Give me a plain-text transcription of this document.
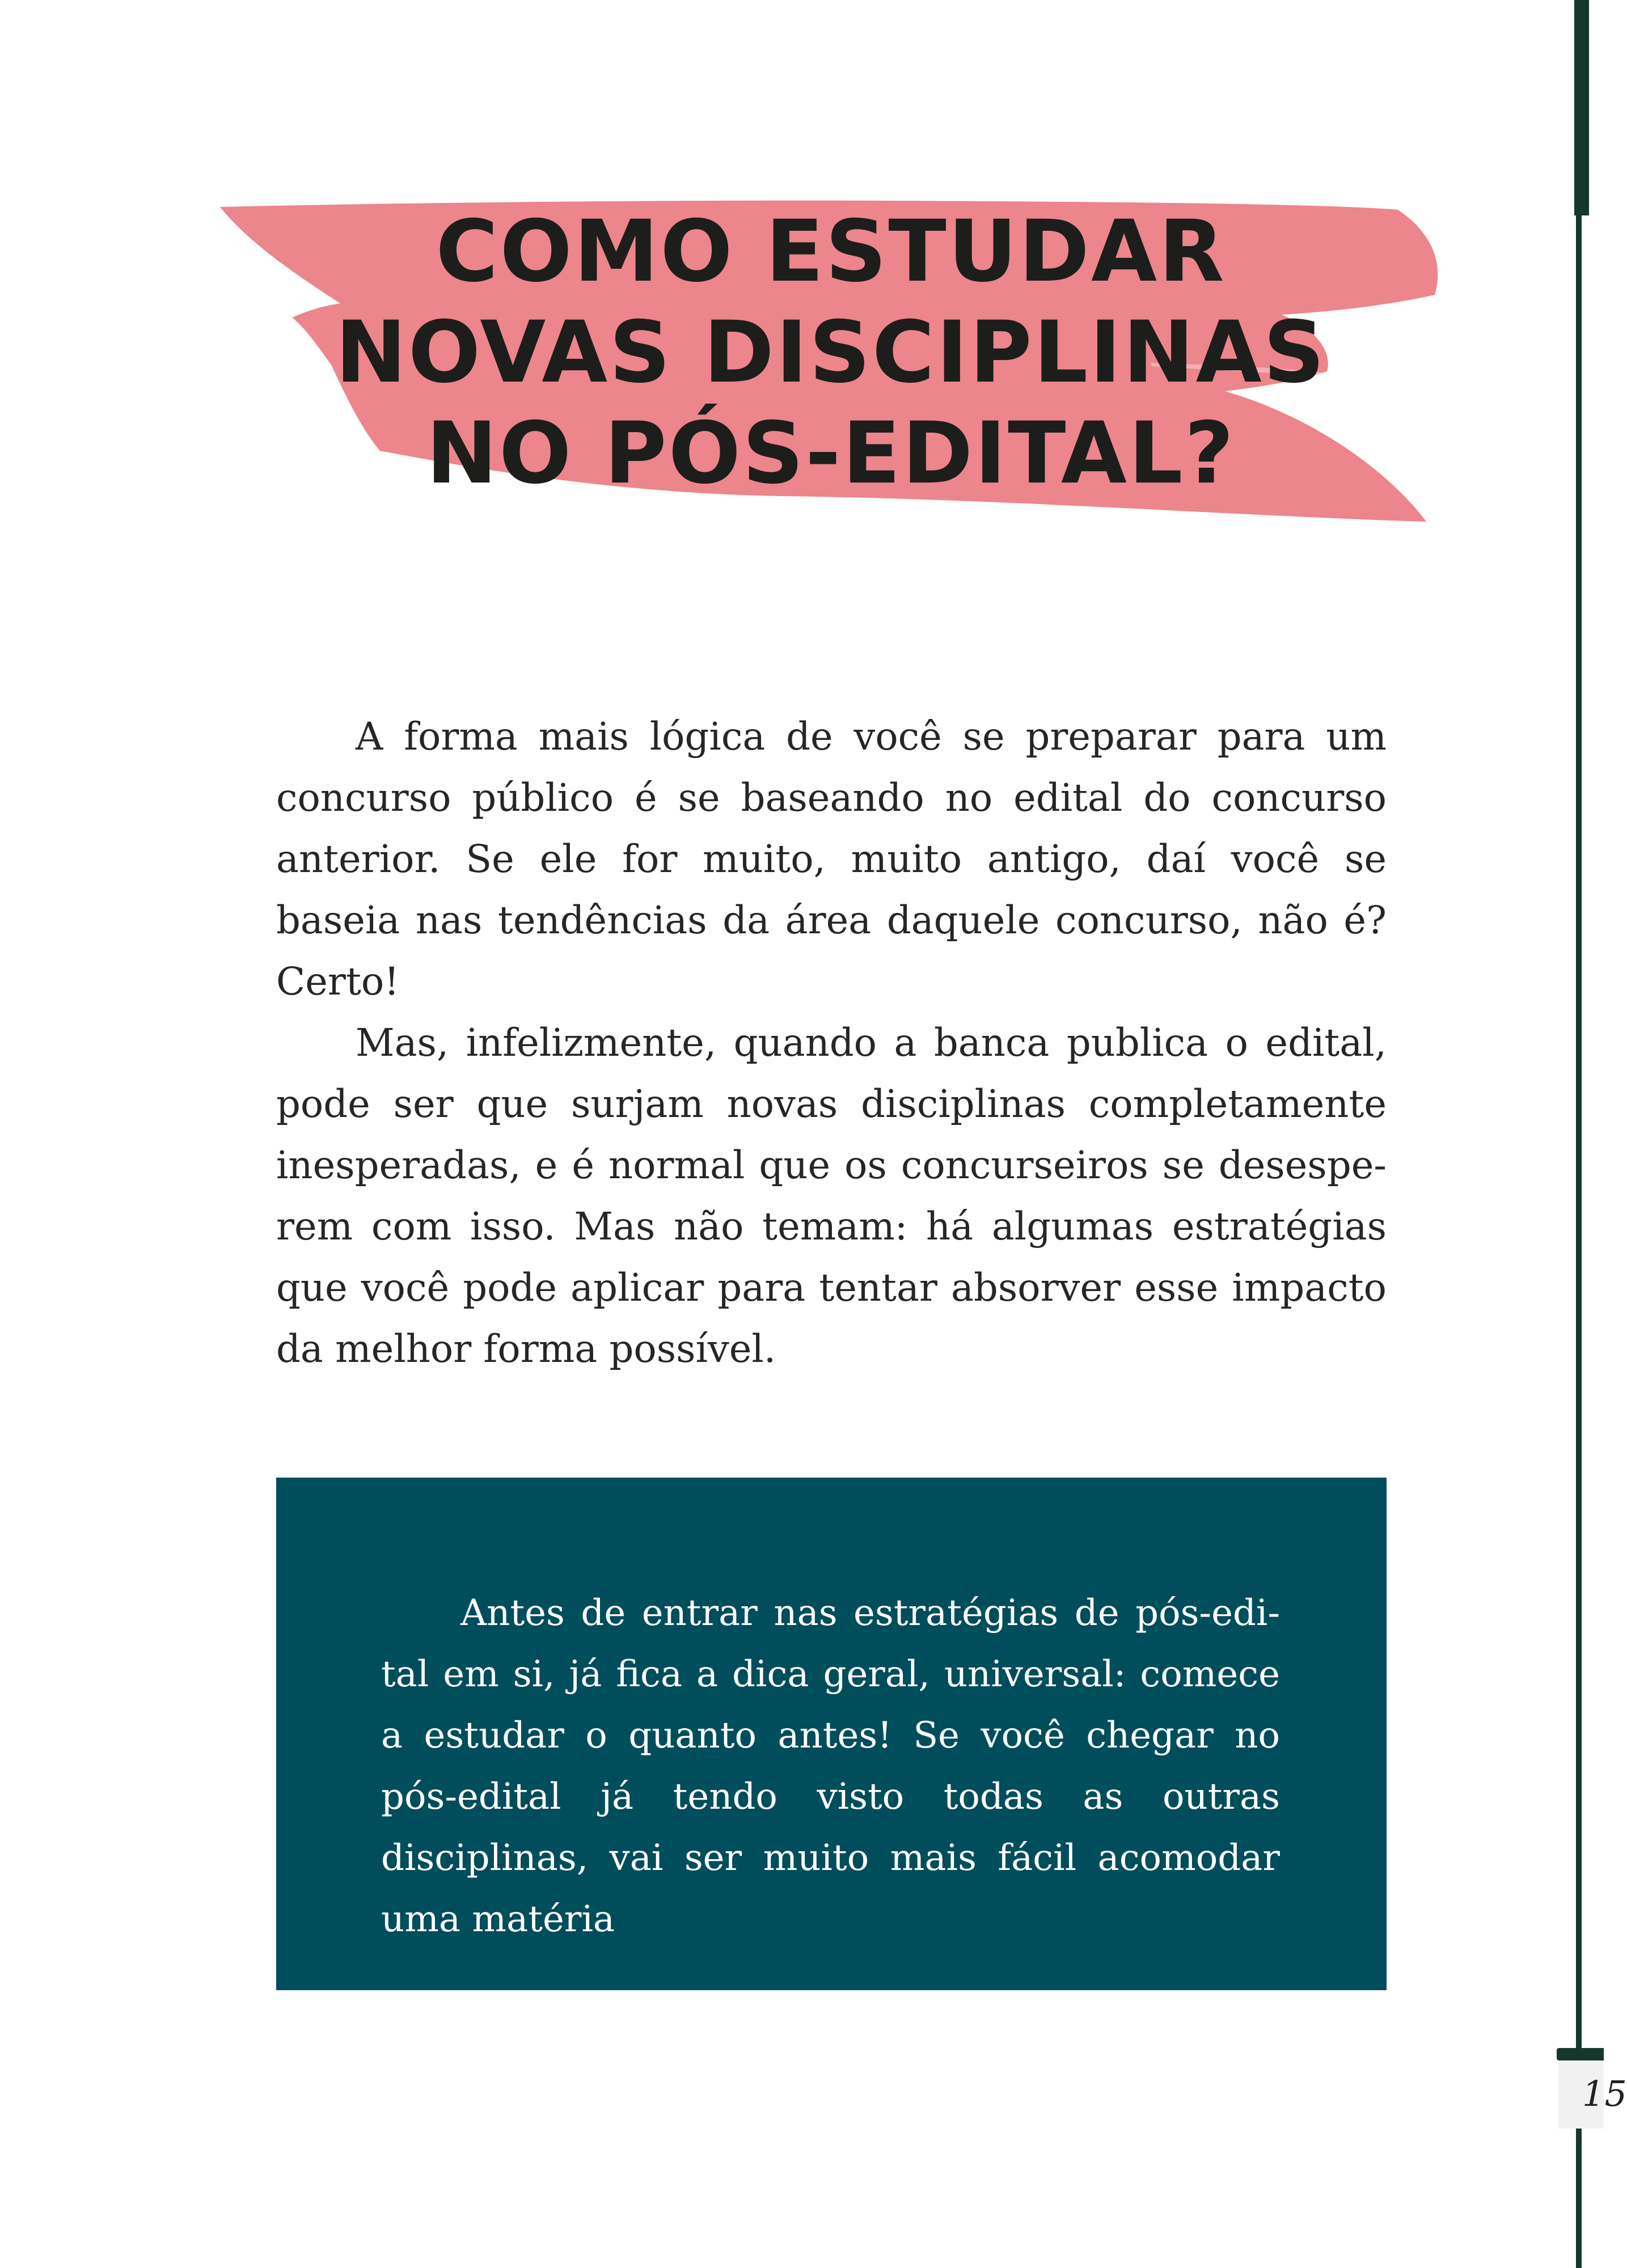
15
COMO ESTUDAR
NOVAS DISCIPLINAS
NO PÓS-EDITAL?

A forma mais lógica de você se preparar para um concurso público é se baseando no edital do concurso anterior. Se ele for muito, muito antigo, daí você se baseia nas tendências da área daquele concurso, não é? Certo!

Mas, infelizmente, quando a banca publica o edital, pode ser que surjam novas disciplinas completamente inesperadas, e é normal que os concurseiros se desesperem com isso. Mas não temam: há algumas estratégias que você pode aplicar para tentar absorver esse impacto da melhor forma possível.

Antes de entrar nas estratégias de pós-edital em si, já fica a dica geral, universal: comece a estudar o quanto antes! Se você chegar no pós-edital já tendo visto todas as outras disciplinas, vai ser muito mais fácil acomodar uma matéria
